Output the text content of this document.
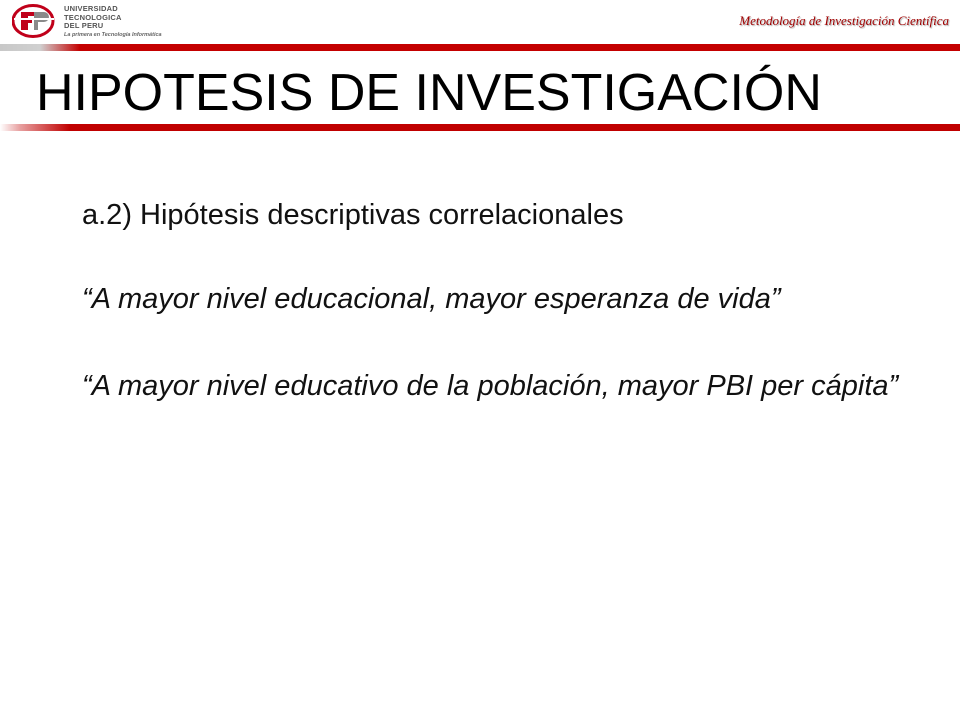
UNIVERSIDAD
TECNOLOGICA
DEL PERU
La primera en Tecnología Informática
Metodología de Investigación Científica
HIPOTESIS DE INVESTIGACIÓN

a.2) Hipótesis descriptivas correlacionales

“A mayor nivel educacional, mayor esperanza de vida”

“A mayor nivel educativo de la población, mayor PBI per cápita”
